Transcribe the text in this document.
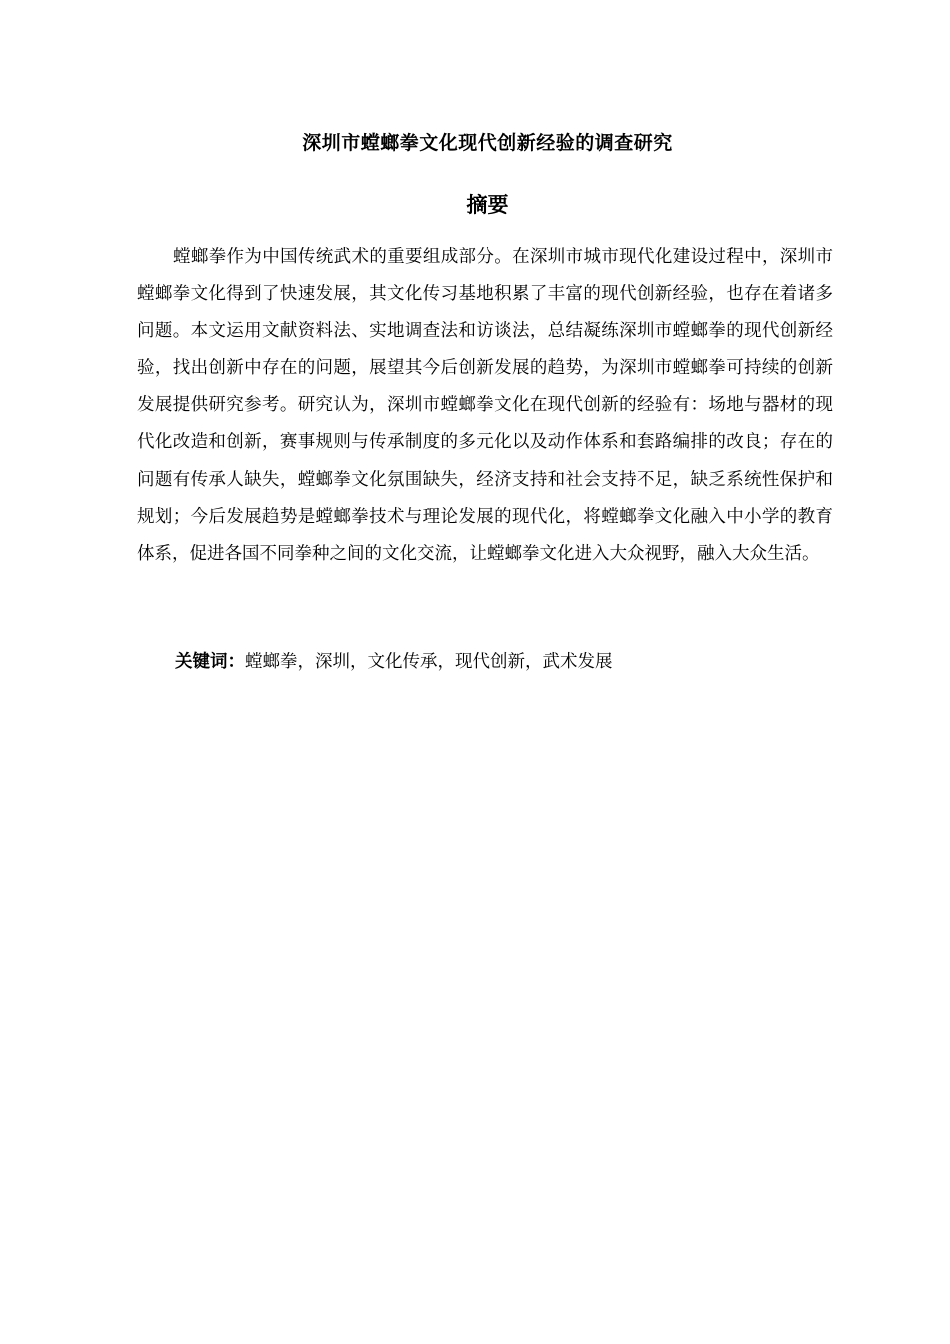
深圳市螳螂拳文化现代创新经验的调查研究
摘要

螳螂拳作为中国传统武术的重要组成部分。在深圳市城市现代化建设过程中，深圳市螳螂拳文化得到了快速发展，其文化传习基地积累了丰富的现代创新经验，也存在着诸多问题。本文运用文献资料法、实地调查法和访谈法，总结凝练深圳市螳螂拳的现代创新经验，找出创新中存在的问题，展望其今后创新发展的趋势，为深圳市螳螂拳可持续的创新发展提供研究参考。研究认为，深圳市螳螂拳文化在现代创新的经验有：场地与器材的现代化改造和创新，赛事规则与传承制度的多元化以及动作体系和套路编排的改良；存在的问题有传承人缺失，螳螂拳文化氛围缺失，经济支持和社会支持不足，缺乏系统性保护和规划；今后发展趋势是螳螂拳技术与理论发展的现代化，将螳螂拳文化融入中小学的教育体系，促进各国不同拳种之间的文化交流，让螳螂拳文化进入大众视野，融入大众生活。

关键词：螳螂拳，深圳，文化传承，现代创新，武术发展
